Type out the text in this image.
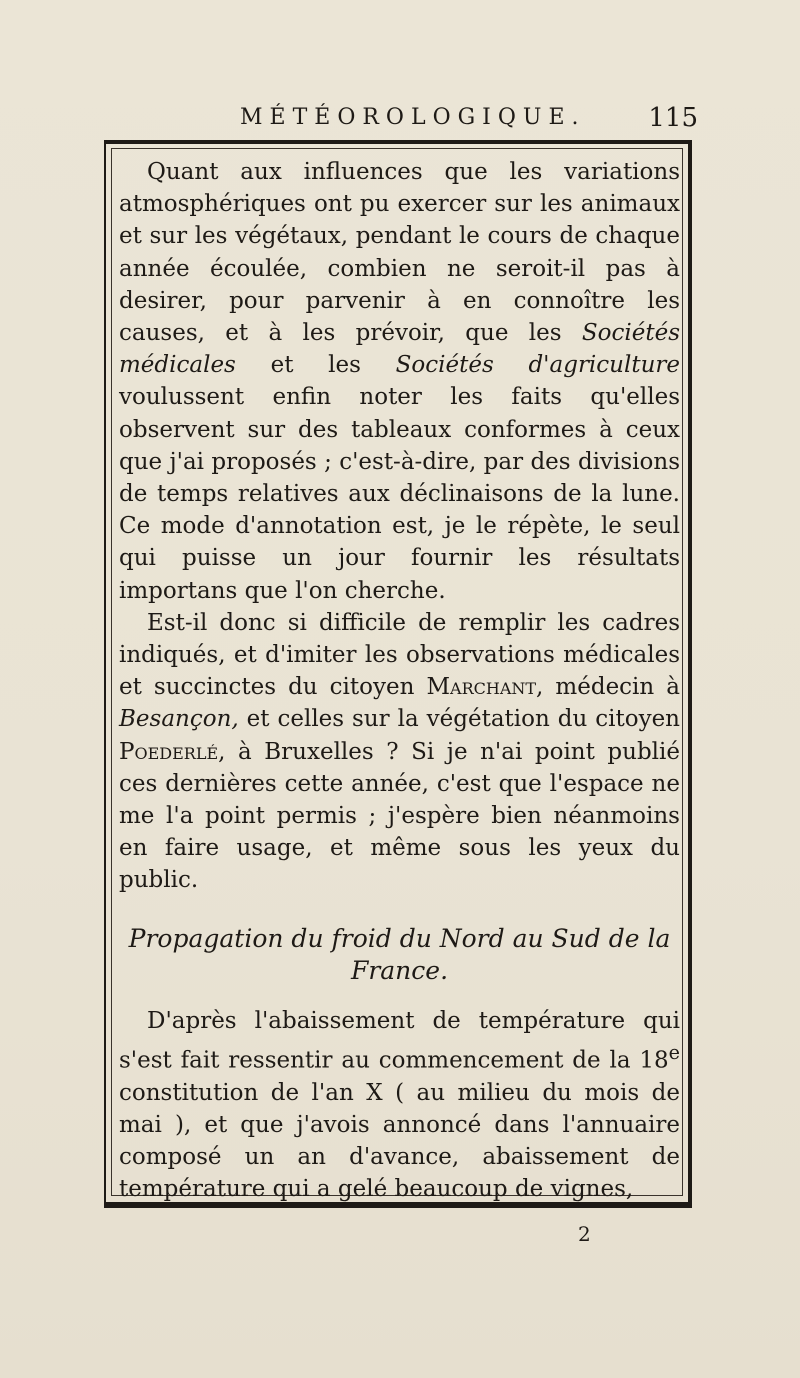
MÉTÉOROLOGIQUE. 115

Quant aux influences que les variations atmosphériques ont pu exercer sur les animaux et sur les végétaux, pendant le cours de chaque année écoulée, combien ne seroit-il pas à desirer, pour parvenir à en connoître les causes, et à les prévoir, que les Sociétés médicales et les Sociétés d'agriculture voulussent enfin noter les faits qu'elles observent sur des tableaux conformes à ceux que j'ai proposés ; c'est-à-dire, par des divisions de temps relatives aux déclinaisons de la lune. Ce mode d'annotation est, je le répète, le seul qui puisse un jour fournir les résultats importans que l'on cherche.

Est-il donc si difficile de remplir les cadres indiqués, et d'imiter les observations médicales et succinctes du citoyen Marchant, médecin à Besançon, et celles sur la végétation du citoyen Poederlé, à Bruxelles ? Si je n'ai point publié ces dernières cette année, c'est que l'espace ne me l'a point permis ; j'espère bien néanmoins en faire usage, et même sous les yeux du public.

Propagation du froid du Nord au Sud de la France.

D'après l'abaissement de température qui s'est fait ressentir au commencement de la 18e constitution de l'an X ( au milieu du mois de mai ), et que j'avois annoncé dans l'annuaire composé un an d'avance, abaissement de température qui a gelé beaucoup de vignes,

2
